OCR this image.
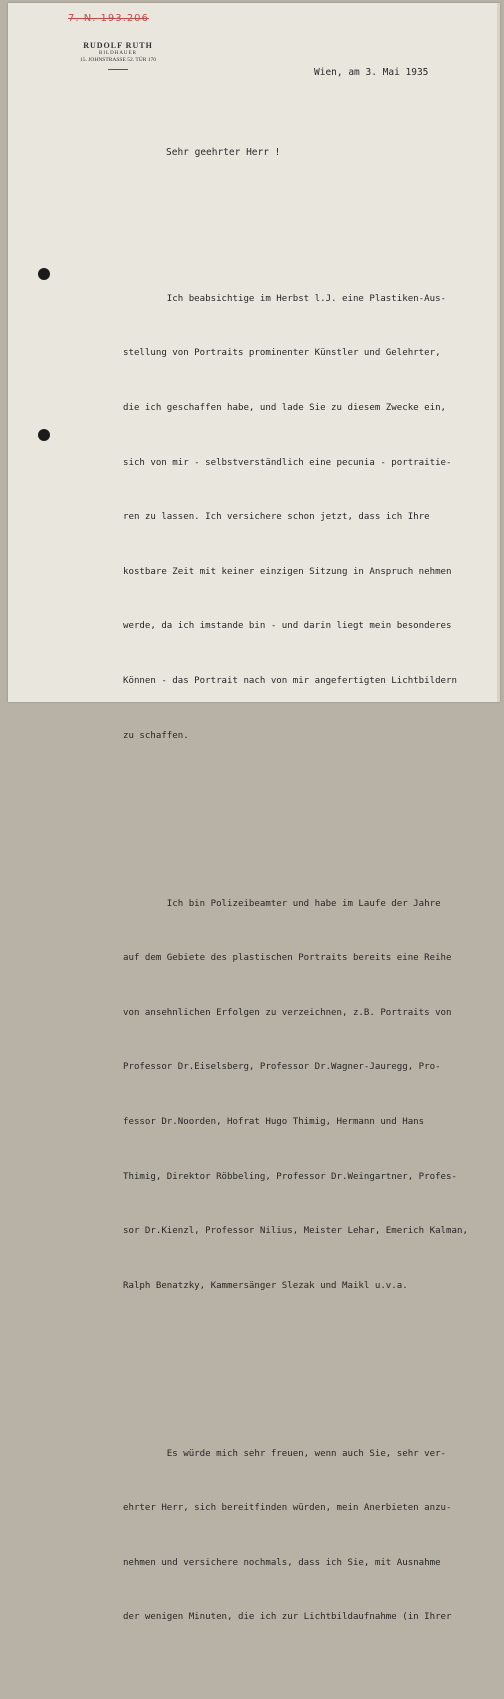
7. N. 193.206
RUDOLF RUTH
BILDHAUER
15. JOHNSTRASSE 52. TÜR 170
Wien, am 3. Mai 1935
Sehr geehrter Herr !

Ich beabsichtige im Herbst l.J. eine Plastiken-Aus-

stellung von Portraits prominenter Künstler und Gelehrter,

die ich geschaffen habe, und lade Sie zu diesem Zwecke ein,

sich von mir - selbstverständlich eine pecunia - portraitie-

ren zu lassen. Ich versichere schon jetzt, dass ich Ihre

kostbare Zeit mit keiner einzigen Sitzung in Anspruch nehmen

werde, da ich imstande bin - und darin liegt mein besonderes

Können - das Portrait nach von mir angefertigten Lichtbildern

zu schaffen.

Ich bin Polizeibeamter und habe im Laufe der Jahre

auf dem Gebiete des plastischen Portraits bereits eine Reihe

von ansehnlichen Erfolgen zu verzeichnen, z.B. Portraits von

Professor Dr.Eiselsberg, Professor Dr.Wagner-Jauregg, Pro-

fessor Dr.Noorden, Hofrat Hugo Thimig, Hermann und Hans

Thimig, Direktor Röbbeling, Professor Dr.Weingartner, Profes-

sor Dr.Kienzl, Professor Nilius, Meister Lehar, Emerich Kalman,

Ralph Benatzky, Kammersänger Slezak und Maikl u.v.a.

Es würde mich sehr freuen, wenn auch Sie, sehr ver-

ehrter Herr, sich bereitfinden würden, mein Anerbieten anzu-

nehmen und versichere nochmals, dass ich Sie, mit Ausnahme

der wenigen Minuten, die ich zur Lichtbildaufnahme (in Ihrer
